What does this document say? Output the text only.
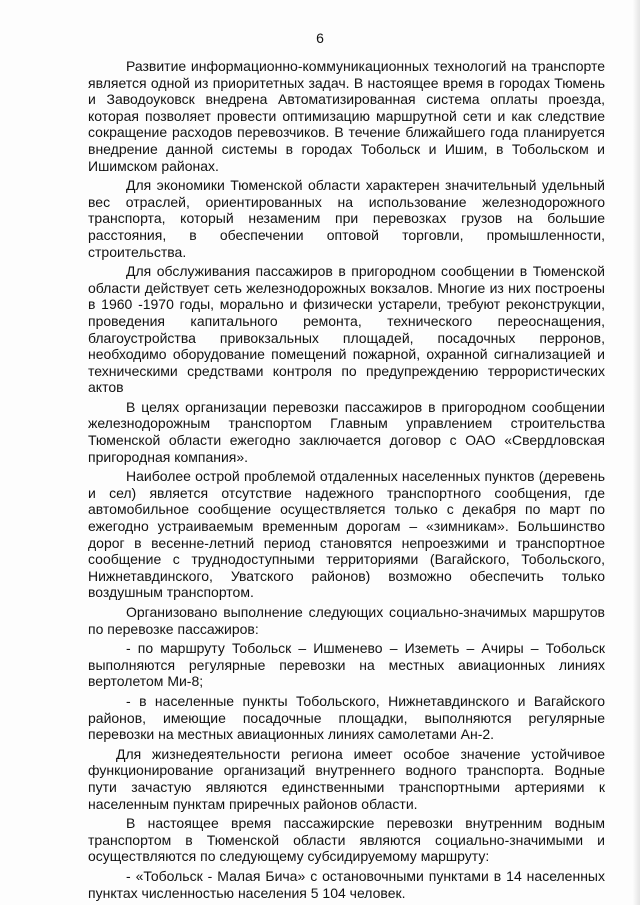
6

Развитие информационно-коммуникационных технологий на транспорте является одной из приоритетных задач. В настоящее время в городах Тюмень и Заводоуковск внедрена Автоматизированная система оплаты проезда, которая позволяет провести оптимизацию маршрутной сети и как следствие сокращение расходов перевозчиков. В течение ближайшего года планируется внедрение данной системы в городах Тобольск и Ишим, в Тобольском и Ишимском районах.

Для экономики Тюменской области характерен значительный удельный вес отраслей, ориентированных на использование железнодорожного транспорта, который незаменим при перевозках грузов на большие расстояния, в обеспечении оптовой торговли, промышленности, строительства.

Для обслуживания пассажиров в пригородном сообщении в Тюменской области действует сеть железнодорожных вокзалов. Многие из них построены в 1960 -1970 годы, морально и физически устарели, требуют реконструкции, проведения капитального ремонта, технического переоснащения, благоустройства привокзальных площадей, посадочных перронов, необходимо оборудование помещений пожарной, охранной сигнализацией и техническими средствами контроля по предупреждению террористических актов

В целях организации перевозки пассажиров в пригородном сообщении железнодорожным транспортом Главным управлением строительства Тюменской области ежегодно заключается договор с ОАО «Свердловская пригородная компания».

Наиболее острой проблемой отдаленных населенных пунктов (деревень и сел) является отсутствие надежного транспортного сообщения, где автомобильное сообщение осуществляется только с декабря по март по ежегодно устраиваемым временным дорогам – «зимникам». Большинство дорог в весенне-летний период становятся непроезжими и транспортное сообщение с труднодоступными территориями (Вагайского, Тобольского, Нижнетавдинского, Уватского районов) возможно обеспечить только воздушным транспортом.

Организовано выполнение следующих социально-значимых маршрутов по перевозке пассажиров:

- по маршруту Тобольск – Ишменево – Иземеть – Ачиры – Тобольск выполняются регулярные перевозки на местных авиационных линиях вертолетом Ми-8;

- в населенные пункты Тобольского, Нижнетавдинского и Вагайского районов, имеющие посадочные площадки, выполняются регулярные перевозки на местных авиационных линиях самолетами Ан-2.

Для жизнедеятельности региона имеет особое значение устойчивое функционирование организаций внутреннего водного транспорта. Водные пути зачастую являются единственными транспортными артериями к населенным пунктам приречных районов области.

В настоящее время пассажирские перевозки внутренним водным транспортом в Тюменской области являются социально-значимыми и осуществляются по следующему субсидируемому маршруту:

- «Тобольск - Малая Бича» с остановочными пунктами в 14 населенных пунктах численностью населения 5 104 человек.
